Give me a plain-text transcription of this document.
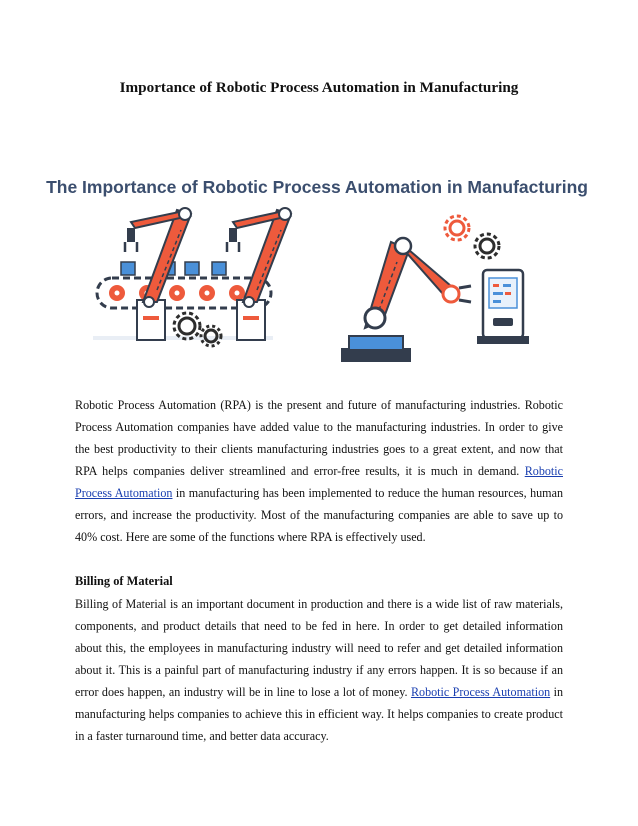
Importance of Robotic Process Automation in Manufacturing
The Importance of Robotic Process Automation in Manufacturing
Robotic Process Automation (RPA) is the present and future of manufacturing industries. Robotic Process Automation companies have added value to the manufacturing industries. In order to give the best productivity to their clients manufacturing industries goes to a great extent, and now that RPA helps companies deliver streamlined and error-free results, it is much in demand. Robotic Process Automation in manufacturing has been implemented to reduce the human resources, human errors, and increase the productivity. Most of the manufacturing companies are able to save up to 40% cost. Here are some of the functions where RPA is effectively used.
Billing of Material
Billing of Material is an important document in production and there is a wide list of raw materials, components, and product details that need to be fed in here. In order to get detailed information about this, the employees in manufacturing industry will need to refer and get detailed information about it. This is a painful part of manufacturing industry if any errors happen. It is so because if an error does happen, an industry will be in line to lose a lot of money. Robotic Process Automation in manufacturing helps companies to achieve this in efficient way. It helps companies to create product in a faster turnaround time, and better data accuracy.
